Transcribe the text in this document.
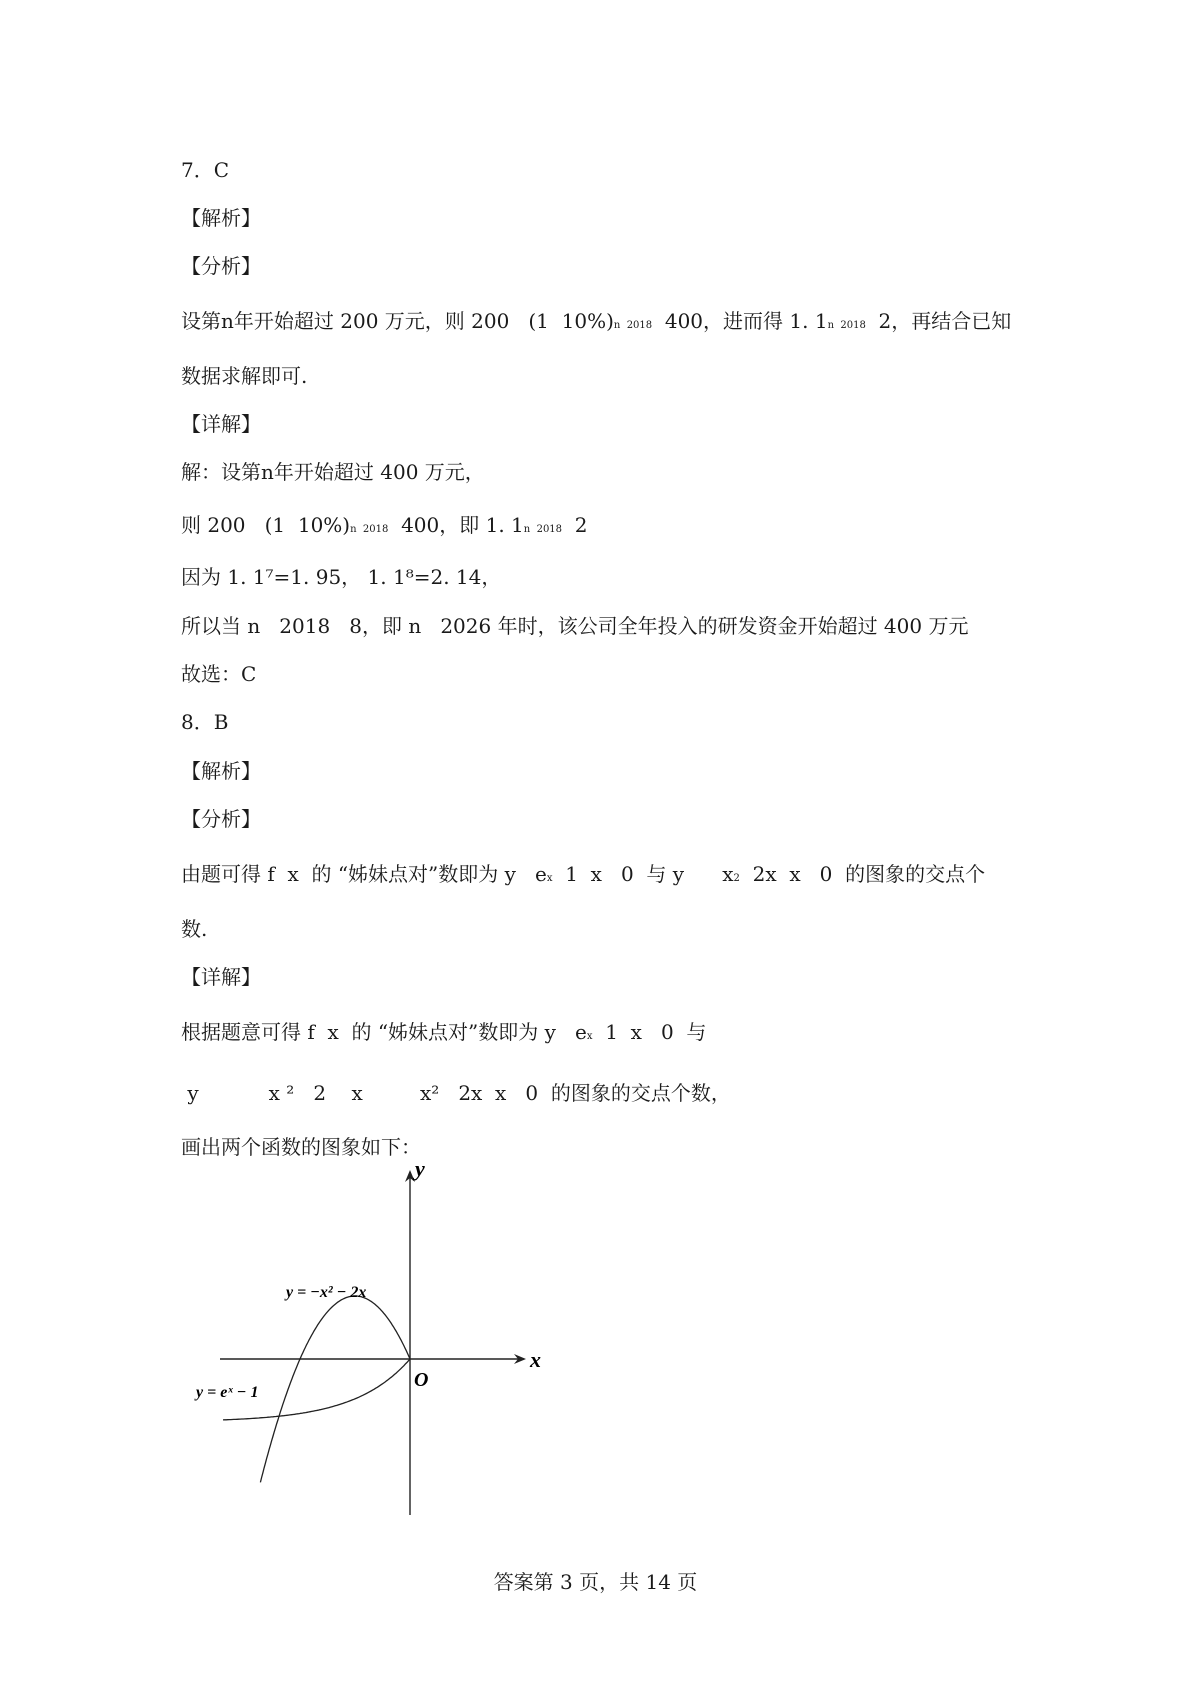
7．C
【解析】
【分析】
设第n年开始超过 200 万元，则 200   (1  10%)n  2018  400，进而得 1. 1n  2018  2，再结合已知
数据求解即可.
【详解】
解：设第n年开始超过 400 万元，
则 200   (1  10%)n  2018  400，即 1. 1n  2018  2
因为 1. 1⁷=1. 95， 1. 1⁸=2. 14，
所以当 n   2018   8，即 n   2026 年时，该公司全年投入的研发资金开始超过 400 万元
故选：C
8．B
【解析】
【分析】
由题可得 f  x  的 “姊妹点对”数即为 y   ex  1  x   0  与 y      x2  2x  x   0  的图象的交点个
数.
【详解】
根据题意可得 f  x  的 “姊妹点对”数即为 y   ex  1  x   0  与
y           x ²   2    x         x²   2x  x   0  的图象的交点个数，
画出两个函数的图象如下：
y
x
O
y = −x² − 2x
y = eˣ − 1
答案第 3 页，共 14 页
